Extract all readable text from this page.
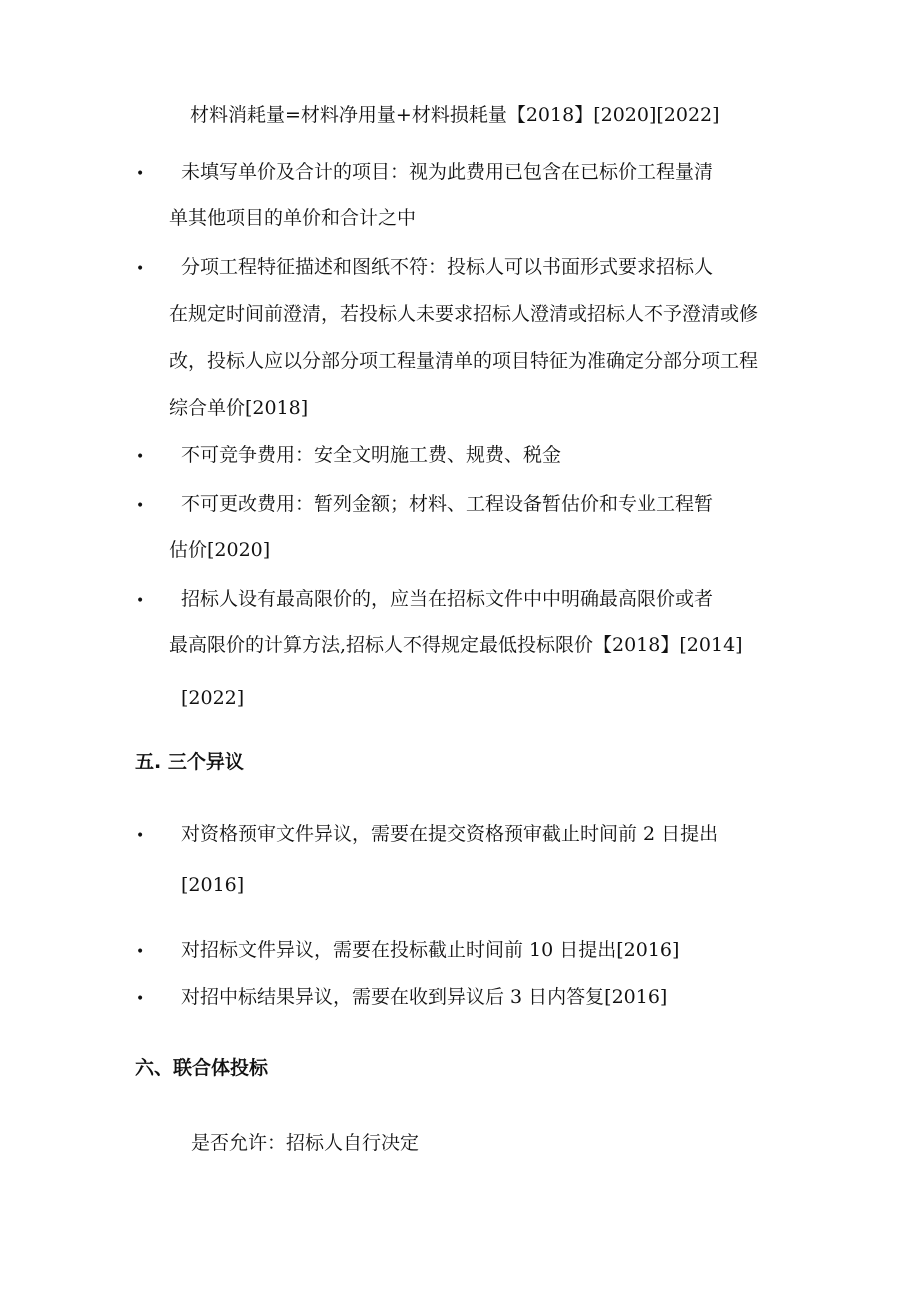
材料消耗量=材料净用量+材料损耗量【2018】[2020][2022]
• 未填写单价及合计的项目：视为此费用已包含在已标价工程量清
单其他项目的单价和合计之中
• 分项工程特征描述和图纸不符：投标人可以书面形式要求招标人
在规定时间前澄清，若投标人未要求招标人澄清或招标人不予澄清或修
改，投标人应以分部分项工程量清单的项目特征为准确定分部分项工程
综合单价[2018]
• 不可竞争费用：安全文明施工费、规费、税金
• 不可更改费用：暂列金额；材料、工程设备暂估价和专业工程暂
估价[2020]
• 招标人设有最高限价的，应当在招标文件中中明确最高限价或者
最高限价的计算方法,招标人不得规定最低投标限价【2018】[2014]
[2022]
五. 三个异议
• 对资格预审文件异议，需要在提交资格预审截止时间前 2 日提出
[2016]
• 对招标文件异议，需要在投标截止时间前 10 日提出[2016]
• 对招中标结果异议，需要在收到异议后 3 日内答复[2016]
六、联合体投标
是否允许：招标人自行决定
